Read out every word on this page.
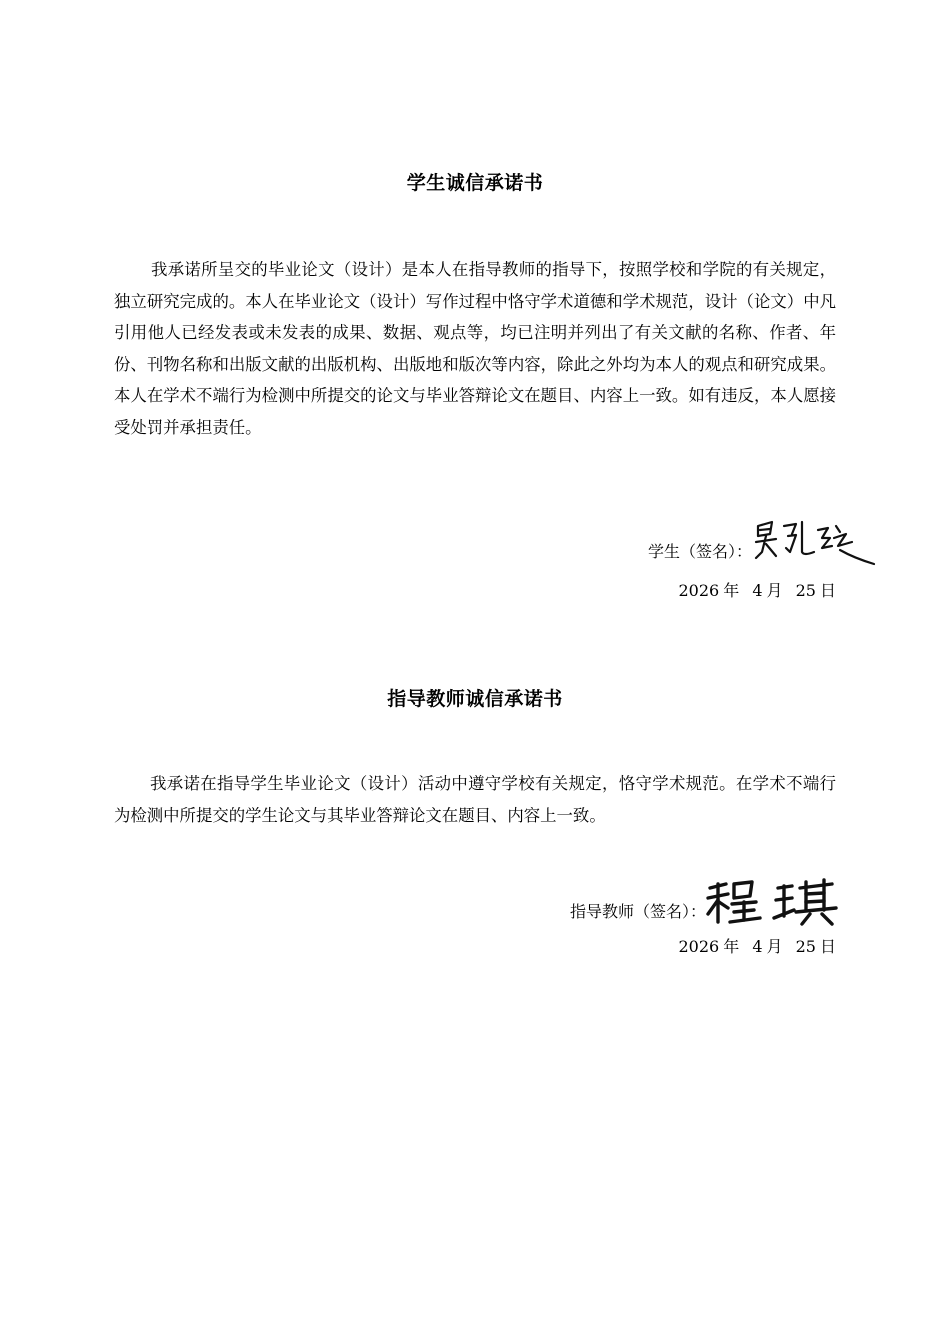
学生诚信承诺书

我承诺所呈交的毕业论文（设计）是本人在指导教师的指导下，按照学校和学院的有关规定，独立研究完成的。本人在毕业论文（设计）写作过程中恪守学术道德和学术规范，设计（论文）中凡引用他人已经发表或未发表的成果、数据、观点等，均已注明并列出了有关文献的名称、作者、年份、刊物名称和出版文献的出版机构、出版地和版次等内容，除此之外均为本人的观点和研究成果。本人在学术不端行为检测中所提交的论文与毕业答辩论文在题目、内容上一致。如有违反，本人愿接受处罚并承担责任。

学生（签名）：
2026 年 4 月 25 日
指导教师诚信承诺书

我承诺在指导学生毕业论文（设计）活动中遵守学校有关规定，恪守学术规范。在学术不端行为检测中所提交的学生论文与其毕业答辩论文在题目、内容上一致。

指导教师（签名）：
2026 年 4 月 25 日
